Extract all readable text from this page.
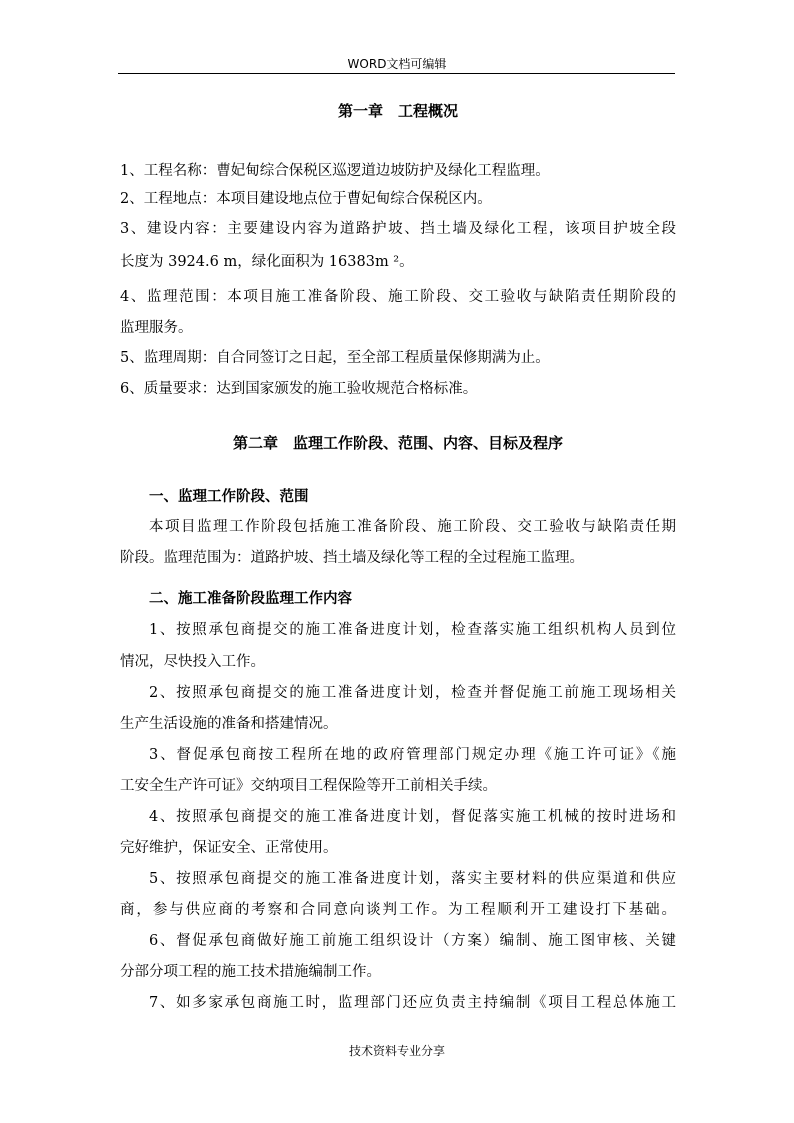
WORD文档可编辑
第一章　工程概况
1、工程名称：曹妃甸综合保税区巡逻道边坡防护及绿化工程监理。
2、工程地点：本项目建设地点位于曹妃甸综合保税区内。
3、建设内容：主要建设内容为道路护坡、挡土墙及绿化工程，该项目护坡全段
长度为 3924.6 m，绿化面积为 16383m ²。
4、监理范围：本项目施工准备阶段、施工阶段、交工验收与缺陷责任期阶段的
监理服务。
5、监理周期：自合同签订之日起，至全部工程质量保修期满为止。
6、质量要求：达到国家颁发的施工验收规范合格标准。
第二章　监理工作阶段、范围、内容、目标及程序
一、监理工作阶段、范围
本项目监理工作阶段包括施工准备阶段、施工阶段、交工验收与缺陷责任期
阶段。监理范围为：道路护坡、挡土墙及绿化等工程的全过程施工监理。
二、施工准备阶段监理工作内容
1、按照承包商提交的施工准备进度计划，检查落实施工组织机构人员到位
情况，尽快投入工作。
2、按照承包商提交的施工准备进度计划，检查并督促施工前施工现场相关
生产生活设施的准备和搭建情况。
3、督促承包商按工程所在地的政府管理部门规定办理《施工许可证》《施
工安全生产许可证》交纳项目工程保险等开工前相关手续。
4、按照承包商提交的施工准备进度计划，督促落实施工机械的按时进场和
完好维护，保证安全、正常使用。
5、按照承包商提交的施工准备进度计划，落实主要材料的供应渠道和供应
商，参与供应商的考察和合同意向谈判工作。为工程顺利开工建设打下基础。
6、督促承包商做好施工前施工组织设计（方案）编制、施工图审核、关键
分部分项工程的施工技术措施编制工作。
7、如多家承包商施工时，监理部门还应负责主持编制《项目工程总体施工
技术资料专业分享
